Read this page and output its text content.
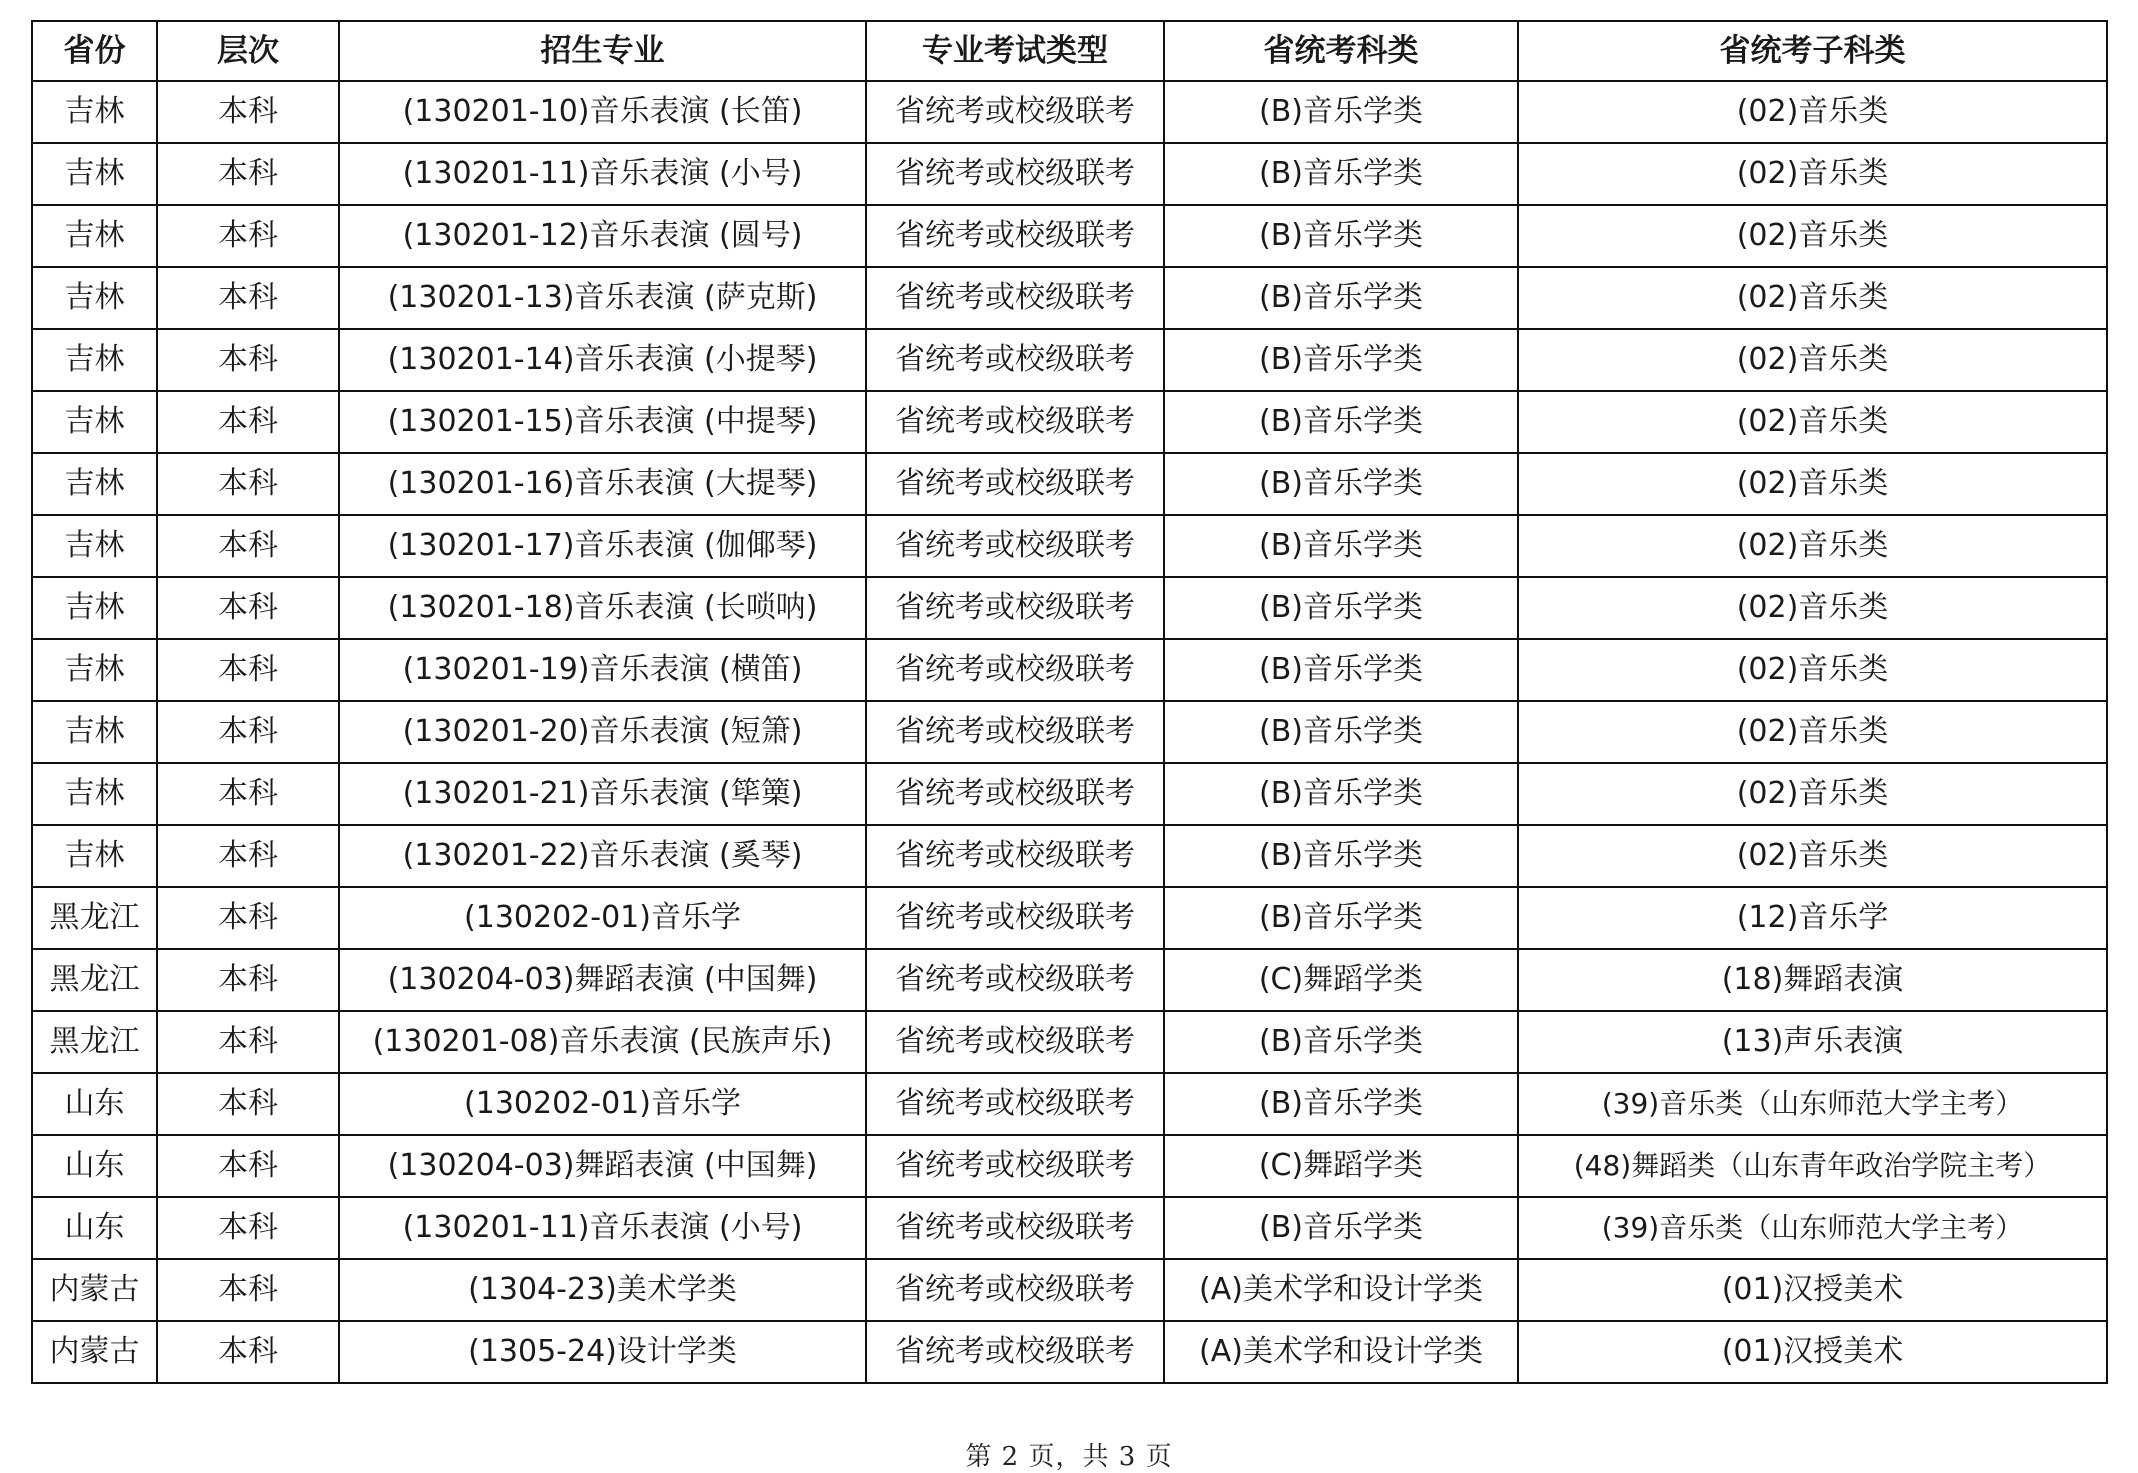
省份	层次	招生专业	专业考试类型	省统考科类	省统考子科类
吉林	本科	(130201-10)音乐表演 (长笛)	省统考或校级联考	(B)音乐学类	(02)音乐类
吉林	本科	(130201-11)音乐表演 (小号)	省统考或校级联考	(B)音乐学类	(02)音乐类
吉林	本科	(130201-12)音乐表演 (圆号)	省统考或校级联考	(B)音乐学类	(02)音乐类
吉林	本科	(130201-13)音乐表演 (萨克斯)	省统考或校级联考	(B)音乐学类	(02)音乐类
吉林	本科	(130201-14)音乐表演 (小提琴)	省统考或校级联考	(B)音乐学类	(02)音乐类
吉林	本科	(130201-15)音乐表演 (中提琴)	省统考或校级联考	(B)音乐学类	(02)音乐类
吉林	本科	(130201-16)音乐表演 (大提琴)	省统考或校级联考	(B)音乐学类	(02)音乐类
吉林	本科	(130201-17)音乐表演 (伽倻琴)	省统考或校级联考	(B)音乐学类	(02)音乐类
吉林	本科	(130201-18)音乐表演 (长唢呐)	省统考或校级联考	(B)音乐学类	(02)音乐类
吉林	本科	(130201-19)音乐表演 (横笛)	省统考或校级联考	(B)音乐学类	(02)音乐类
吉林	本科	(130201-20)音乐表演 (短箫)	省统考或校级联考	(B)音乐学类	(02)音乐类
吉林	本科	(130201-21)音乐表演 (筚篥)	省统考或校级联考	(B)音乐学类	(02)音乐类
吉林	本科	(130201-22)音乐表演 (奚琴)	省统考或校级联考	(B)音乐学类	(02)音乐类
黑龙江	本科	(130202-01)音乐学	省统考或校级联考	(B)音乐学类	(12)音乐学
黑龙江	本科	(130204-03)舞蹈表演 (中国舞)	省统考或校级联考	(C)舞蹈学类	(18)舞蹈表演
黑龙江	本科	(130201-08)音乐表演 (民族声乐)	省统考或校级联考	(B)音乐学类	(13)声乐表演
山东	本科	(130202-01)音乐学	省统考或校级联考	(B)音乐学类	(39)音乐类（山东师范大学主考）
山东	本科	(130204-03)舞蹈表演 (中国舞)	省统考或校级联考	(C)舞蹈学类	(48)舞蹈类（山东青年政治学院主考）
山东	本科	(130201-11)音乐表演 (小号)	省统考或校级联考	(B)音乐学类	(39)音乐类（山东师范大学主考）
内蒙古	本科	(1304-23)美术学类	省统考或校级联考	(A)美术学和设计学类	(01)汉授美术
内蒙古	本科	(1305-24)设计学类	省统考或校级联考	(A)美术学和设计学类	(01)汉授美术
第 2 页，共 3 页
